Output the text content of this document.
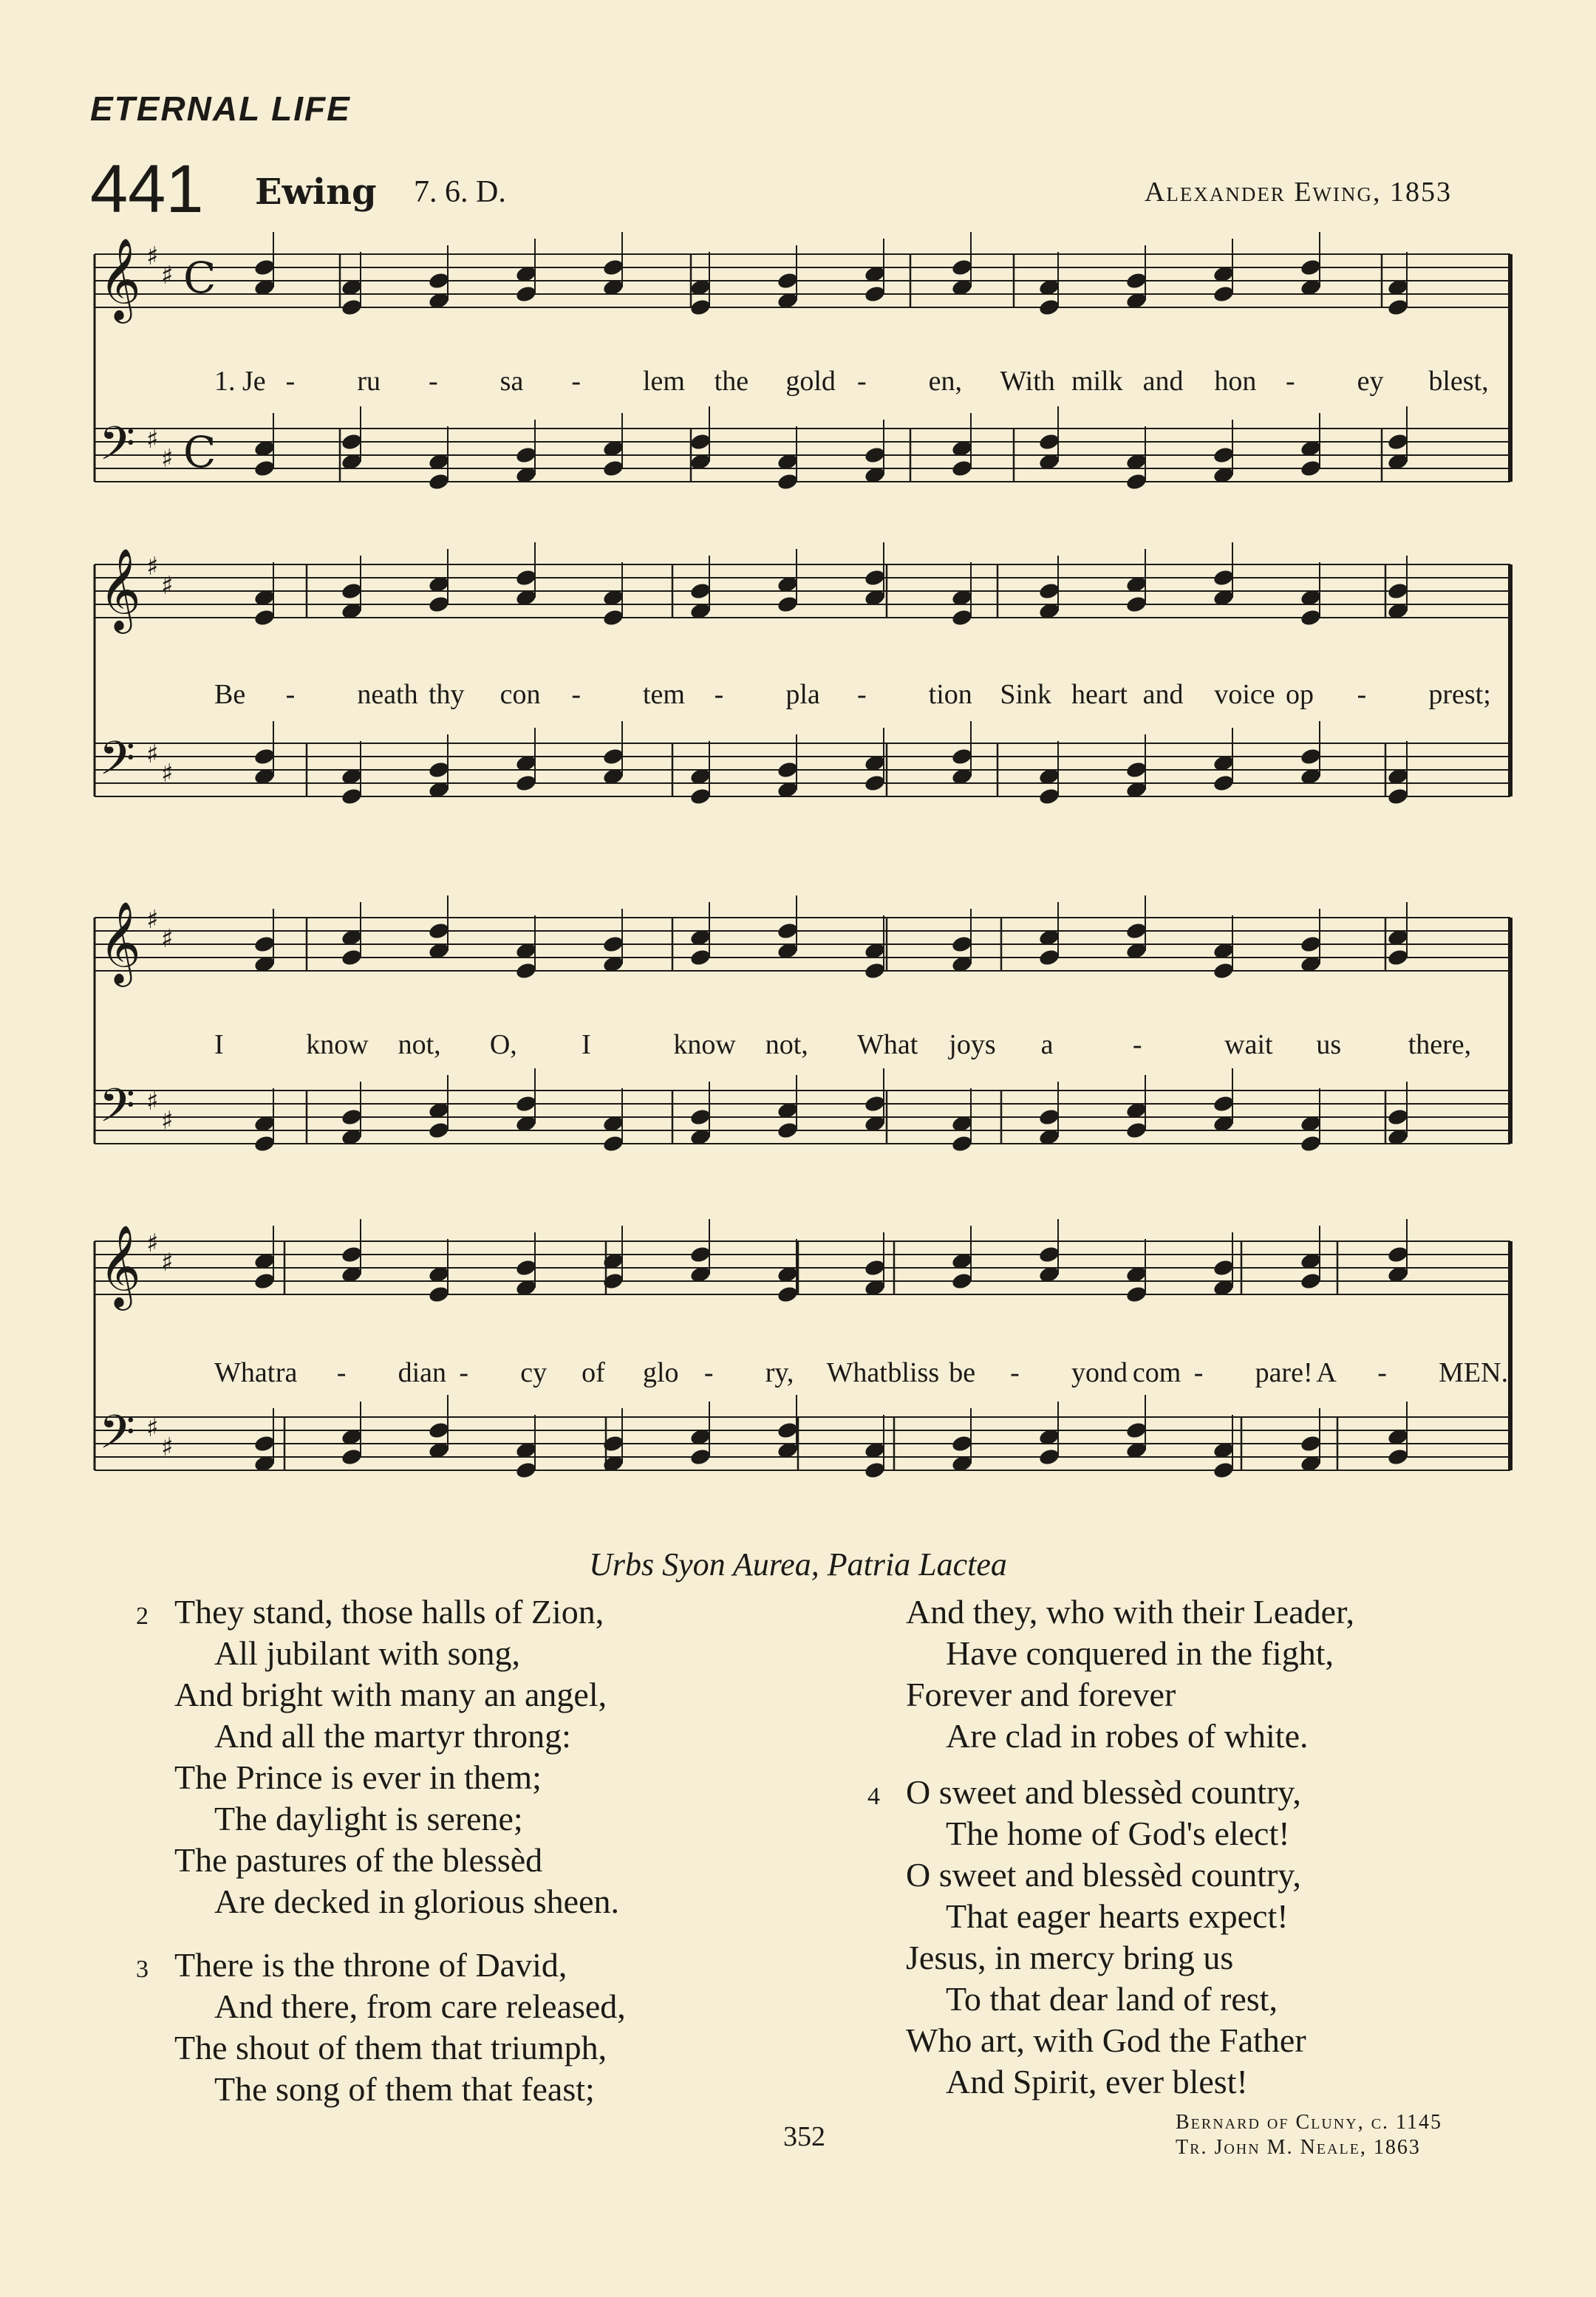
ETERNAL LIFE
441 Ewing 7. 6. D.	Alexander Ewing, 1853
𝄞 ♯
♯ C
𝄢 ♯
♯ C
𝄞 ♯
♯
𝄢 ♯
♯
𝄞 ♯
♯
𝄢 ♯
♯
𝄞 ♯
♯
𝄢 ♯
♯
1. Je - ru - sa - lem the gold - en, With milk and hon - ey blest,
Be - neath thy con - tem - pla - tion Sink heart and voice op - prest;
I	know not, O, I	know not, What joys a	-	wait us there,
What ra - dian - cy of glo - ry, What bliss be - yond com - pare! A - MEN.
Urbs Syon Aurea, Patria Lactea
2 They stand, those halls of Zion,
All jubilant with song,
And bright with many an angel,
And all the martyr throng:
The Prince is ever in them;
The daylight is serene;
The pastures of the blessèd
Are decked in glorious sheen.
3 There is the throne of David,
And there, from care released,
The shout of them that triumph,
The song of them that feast;
And they, who with their Leader,
Have conquered in the fight,
Forever and forever
Are clad in robes of white.
4 O sweet and blessèd country,
The home of God's elect!
O sweet and blessèd country,
That eager hearts expect!
Jesus, in mercy bring us
To that dear land of rest,
Who art, with God the Father
And Spirit, ever blest!
352	Bernard of Cluny, c. 1145
Tr. John M. Neale, 1863
